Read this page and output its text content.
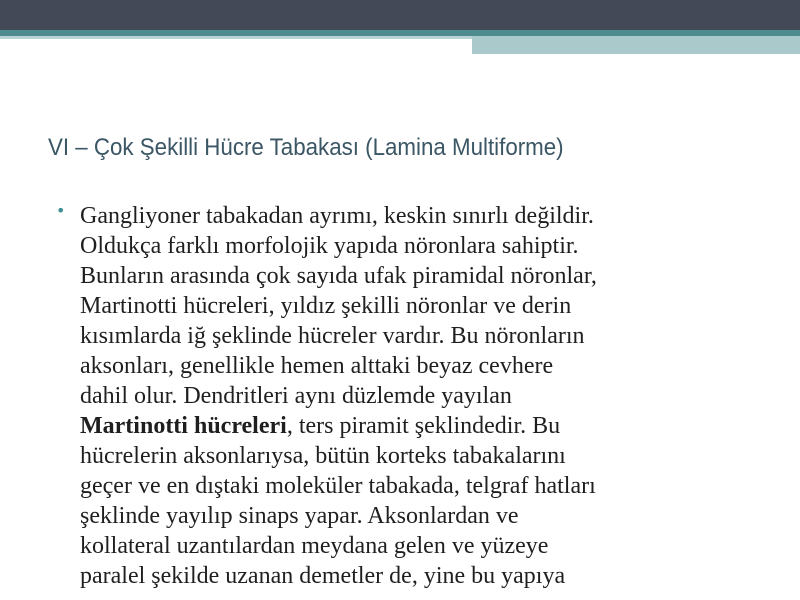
VI – Çok Şekilli Hücre Tabakası (Lamina Multiforme)
• Gangliyoner tabakadan ayrımı, keskin sınırlı değildir.
Oldukça farklı morfolojik yapıda nöronlara sahiptir.
Bunların arasında çok sayıda ufak piramidal nöronlar,
Martinotti hücreleri, yıldız şekilli nöronlar ve derin
kısımlarda iğ şeklinde hücreler vardır. Bu nöronların
aksonları, genellikle hemen alttaki beyaz cevhere
dahil olur. Dendritleri aynı düzlemde yayılan
Martinotti hücreleri, ters piramit şeklindedir. Bu
hücrelerin aksonlarıysa, bütün korteks tabakalarını
geçer ve en dıştaki moleküler tabakada, telgraf hatları
şeklinde yayılıp sinaps yapar. Aksonlardan ve
kollateral uzantılardan meydana gelen ve yüzeye
paralel şekilde uzanan demetler de, yine bu yapıya
